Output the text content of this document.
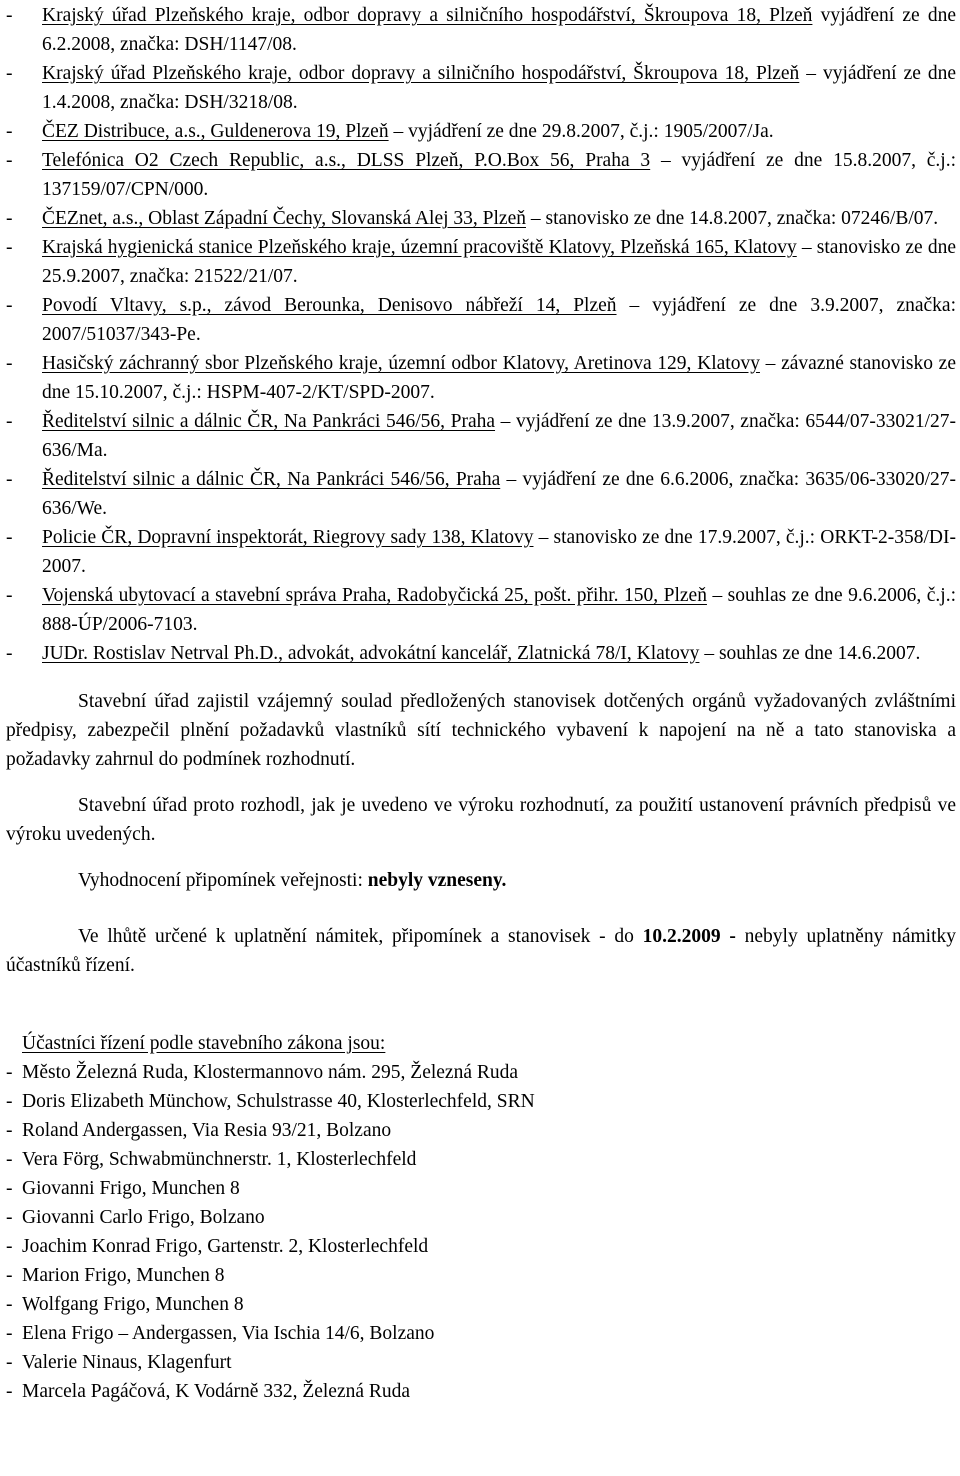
- Krajský úřad Plzeňského kraje, odbor dopravy a silničního hospodářství, Škroupova 18, Plzeň vyjádření ze dne 6.2.2008, značka: DSH/1147/08.
- Krajský úřad Plzeňského kraje, odbor dopravy a silničního hospodářství, Škroupova 18, Plzeň – vyjádření ze dne 1.4.2008, značka: DSH/3218/08.
- ČEZ Distribuce, a.s., Guldenerova 19, Plzeň – vyjádření ze dne 29.8.2007, č.j.: 1905/2007/Ja.
- Telefónica O2 Czech Republic, a.s., DLSS Plzeň, P.O.Box 56, Praha 3 – vyjádření ze dne 15.8.2007, č.j.: 137159/07/CPN/000.
- ČEZnet, a.s., Oblast Západní Čechy, Slovanská Alej 33, Plzeň – stanovisko ze dne 14.8.2007, značka: 07246/B/07.
- Krajská hygienická stanice Plzeňského kraje, územní pracoviště Klatovy, Plzeňská 165, Klatovy – stanovisko ze dne 25.9.2007, značka: 21522/21/07.
- Povodí Vltavy, s.p., závod Berounka, Denisovo nábřeží 14, Plzeň – vyjádření ze dne 3.9.2007, značka: 2007/51037/343-Pe.
- Hasičský záchranný sbor Plzeňského kraje, územní odbor Klatovy, Aretinova 129, Klatovy – závazné stanovisko ze dne 15.10.2007, č.j.: HSPM-407-2/KT/SPD-2007.
- Ředitelství silnic a dálnic ČR, Na Pankráci 546/56, Praha – vyjádření ze dne 13.9.2007, značka: 6544/07-33021/27-636/Ma.
- Ředitelství silnic a dálnic ČR, Na Pankráci 546/56, Praha – vyjádření ze dne 6.6.2006, značka: 3635/06-33020/27-636/We.
- Policie ČR, Dopravní inspektorát, Riegrovy sady 138, Klatovy – stanovisko ze dne 17.9.2007, č.j.: ORKT-2-358/DI-2007.
- Vojenská ubytovací a stavební správa Praha, Radobyčická 25, pošt. přihr. 150, Plzeň – souhlas ze dne 9.6.2006, č.j.: 888-ÚP/2006-7103.
- JUDr. Rostislav Netrval Ph.D., advokát, advokátní kancelář, Zlatnická 78/I, Klatovy – souhlas ze dne 14.6.2007.

Stavební úřad zajistil vzájemný soulad předložených stanovisek dotčených orgánů vyžadovaných zvláštními předpisy, zabezpečil plnění požadavků vlastníků sítí technického vybavení k napojení na ně a tato stanoviska a požadavky zahrnul do podmínek rozhodnutí.

Stavební úřad proto rozhodl, jak je uvedeno ve výroku rozhodnutí, za použití ustanovení právních předpisů ve výroku uvedených.

Vyhodnocení připomínek veřejnosti: nebyly vzneseny.

Ve lhůtě určené k uplatnění námitek, připomínek a stanovisek - do 10.2.2009 - nebyly uplatněny námitky účastníků řízení.

Účastníci řízení podle stavebního zákona jsou:
- Město Železná Ruda, Klostermannovo nám. 295, Železná Ruda
- Doris Elizabeth Münchow, Schulstrasse 40, Klosterlechfeld, SRN
- Roland Andergassen, Via Resia 93/21, Bolzano
- Vera Förg, Schwabmünchnerstr. 1, Klosterlechfeld
- Giovanni Frigo, Munchen 8
- Giovanni Carlo Frigo, Bolzano
- Joachim Konrad Frigo, Gartenstr. 2, Klosterlechfeld
- Marion Frigo, Munchen 8
- Wolfgang Frigo, Munchen 8
- Elena Frigo – Andergassen, Via Ischia 14/6, Bolzano
- Valerie Ninaus, Klagenfurt
- Marcela Pagáčová, K Vodárně 332, Železná Ruda
